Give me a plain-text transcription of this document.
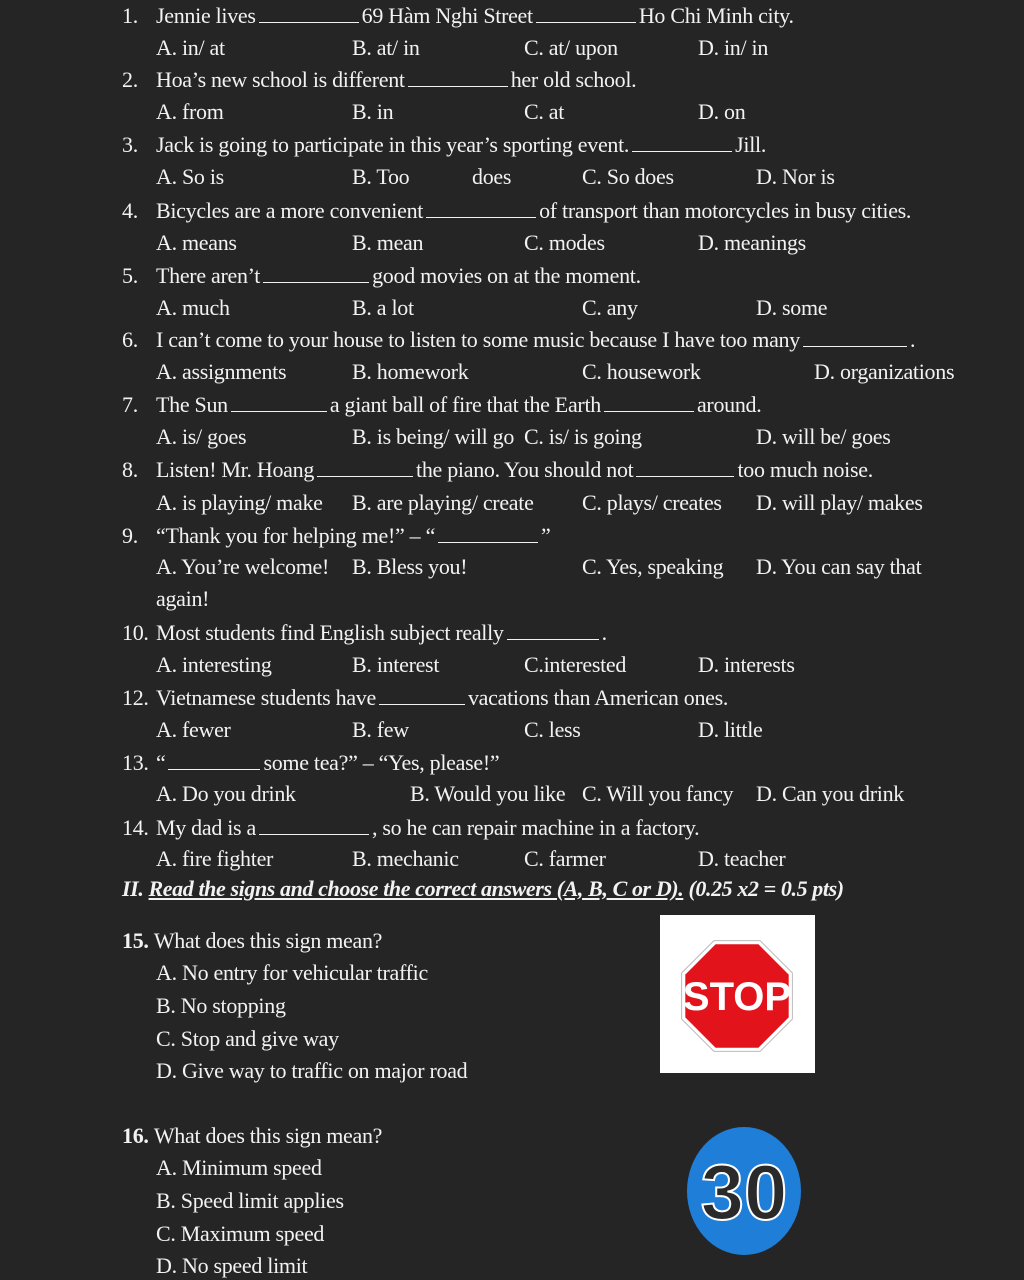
1. Jennie lives	69 Hàm Nghi Street	Ho Chi Minh city.
A. in/ at	B. at/ in	C. at/ upon	D. in/ in
2. Hoa’s new school is different	her old school.
A. from	B. in	C. at	D. on
3. Jack is going to participate in this year’s sporting event.	Jill.
A. So is	B. Too	does	C. So does	D. Nor is
4. Bicycles are a more convenient	of transport than motorcycles in busy cities.
A. means	B. mean	C. modes	D. meanings
5. There aren’t	good movies on at the moment.
A. much	B. a lot	C. any	D. some
6. I can’t come to your house to listen to some music because I have too many	.
A. assignments	B. homework	C. housework	D. organizations
7. The Sun	a giant ball of fire that the Earth	around.
A. is/ goes	B. is being/ will go C. is/ is going	D. will be/ goes
8. Listen! Mr. Hoang	the piano. You should not	too much noise.
A. is playing/ make B. are playing/ create C. plays/ creates D. will play/ makes
9. “Thank you for helping me!” – “	”
A. You’re welcome! B. Bless you!	C. Yes, speaking D. You can say that
again!
10. Most students find English subject really	.
A. interesting	B. interest	C.interested	D. interests
12. Vietnamese students have	vacations than American ones.
A. fewer	B. few	C. less	D. little
13. “	some tea?” – “Yes, please!”
A. Do you drink	B. Would you like C. Will you fancy D. Can you drink
14. My dad is a	, so he can repair machine in a factory.
A. fire fighter	B. mechanic	C. farmer	D. teacher
II. Read the signs and choose the correct answers (A, B, C or D). (0.25 x2 = 0.5 pts)
15. What does this sign mean?
A. No entry for vehicular traffic
B. No stopping
C. Stop and give way
D. Give way to traffic on major road
16. What does this sign mean?
A. Minimum speed
B. Speed limit applies
C. Maximum speed
D. No speed limit
STOP
30
